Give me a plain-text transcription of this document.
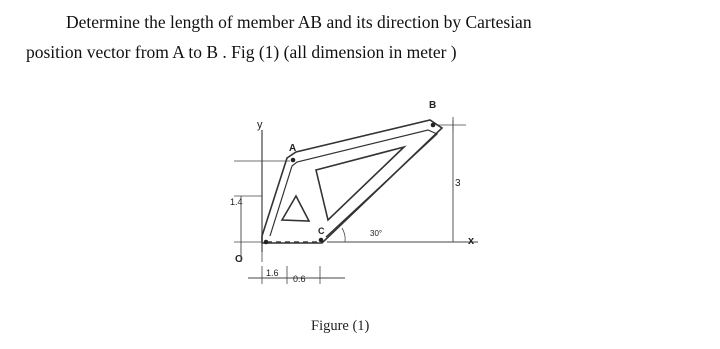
Determine the length of member AB and its direction by Cartesian
position vector from A to B . Fig (1) (all dimension in meter )
y
x
A
B
C
O
30°
1.4
3
1.6
0.6
Figure (1)
